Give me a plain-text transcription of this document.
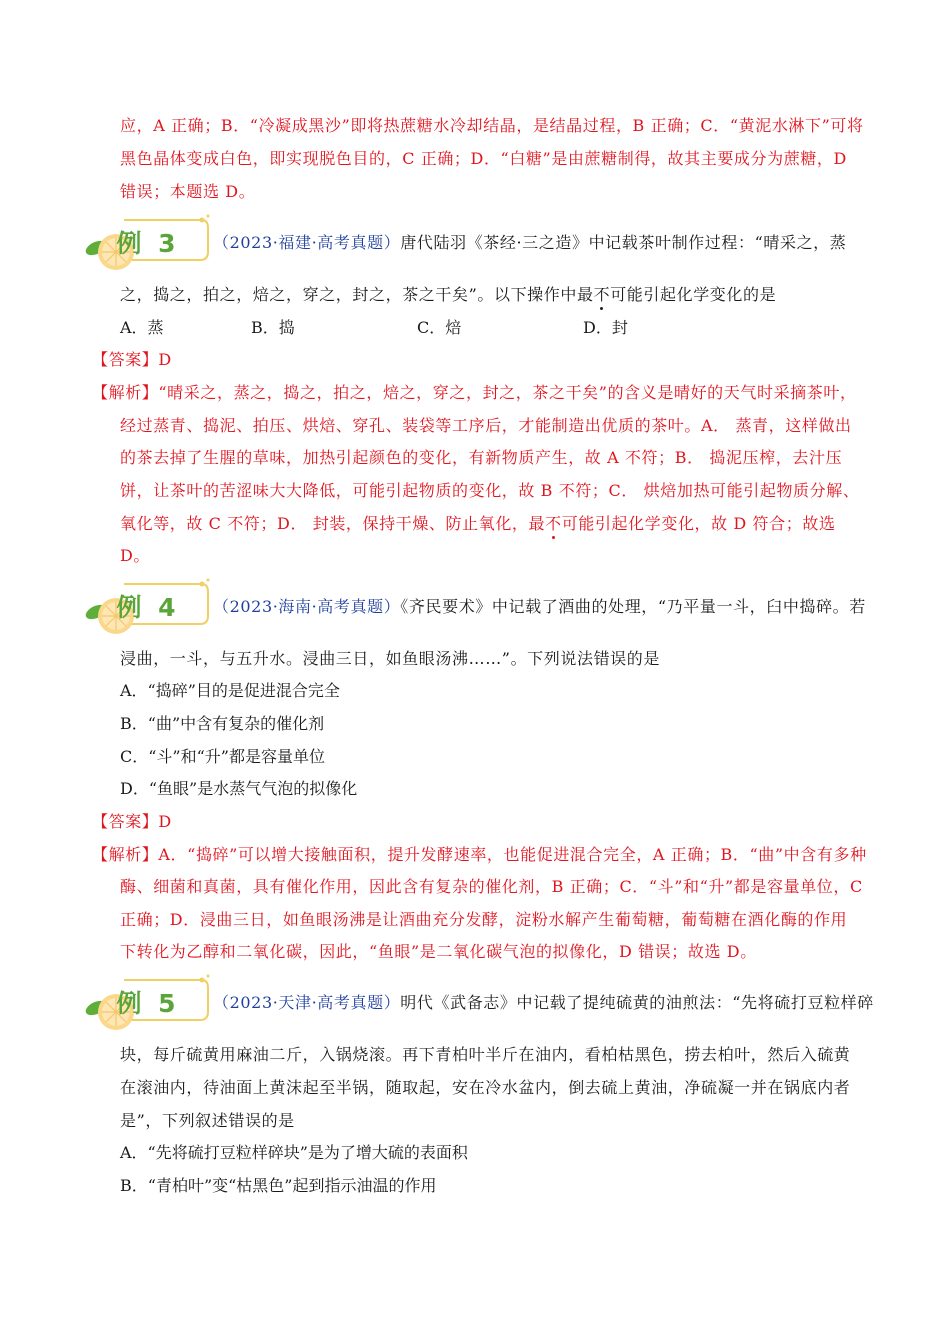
应，A 正确；B．“冷凝成黑沙”即将热蔗糖水冷却结晶，是结晶过程，B 正确；C．“黄泥水淋下”可将
黑色晶体变成白色，即实现脱色目的，C 正确；D．“白糖”是由蔗糖制得，故其主要成分为蔗糖，D
错误；本题选 D。
例 3	（2023·福建·高考真题）唐代陆羽《茶经·三之造》中记载茶叶制作过程：“晴采之，蒸
之，捣之，拍之，焙之，穿之，封之，茶之干矣”。以下操作中最不可能引起化学变化的是
A．蒸	B．捣	C．焙	D．封
【答案】D
【解析】“晴采之，蒸之，捣之，拍之，焙之，穿之，封之，茶之干矣”的含义是晴好的天气时采摘茶叶，
经过蒸青、捣泥、拍压、烘焙、穿孔、装袋等工序后，才能制造出优质的茶叶。A． 蒸青，这样做出
的茶去掉了生腥的草味，加热引起颜色的变化，有新物质产生，故 A 不符；B． 捣泥压榨，去汁压
饼，让茶叶的苦涩味大大降低，可能引起物质的变化，故 B 不符；C． 烘焙加热可能引起物质分解、
氧化等，故 C 不符；D． 封装，保持干燥、防止氧化，最不可能引起化学变化，故 D 符合；故选
D。
例 4	（2023·海南·高考真题）《齐民要术》中记载了酒曲的处理，“乃平量一斗，臼中捣碎。若
浸曲，一斗，与五升水。浸曲三日，如鱼眼汤沸……”。下列说法错误的是
A．“捣碎”目的是促进混合完全
B．“曲”中含有复杂的催化剂
C．“斗”和“升”都是容量单位
D．“鱼眼”是水蒸气气泡的拟像化
【答案】D
【解析】A．“捣碎”可以增大接触面积，提升发酵速率，也能促进混合完全，A 正确；B．“曲”中含有多种
酶、细菌和真菌，具有催化作用，因此含有复杂的催化剂，B 正确；C．“斗”和“升”都是容量单位，C
正确；D．浸曲三日，如鱼眼汤沸是让酒曲充分发酵，淀粉水解产生葡萄糖，葡萄糖在酒化酶的作用
下转化为乙醇和二氧化碳，因此，“鱼眼”是二氧化碳气泡的拟像化，D 错误；故选 D。
例 5	（2023·天津·高考真题）明代《武备志》中记载了提纯硫黄的油煎法：“先将硫打豆粒样碎
块，每斤硫黄用麻油二斤，入锅烧滚。再下青柏叶半斤在油内，看柏枯黑色，捞去柏叶，然后入硫黄
在滚油内，待油面上黄沫起至半锅，随取起，安在冷水盆内，倒去硫上黄油，净硫凝一并在锅底内者
是”，下列叙述错误的是
A．“先将硫打豆粒样碎块”是为了增大硫的表面积
B．“青柏叶”变“枯黑色”起到指示油温的作用
